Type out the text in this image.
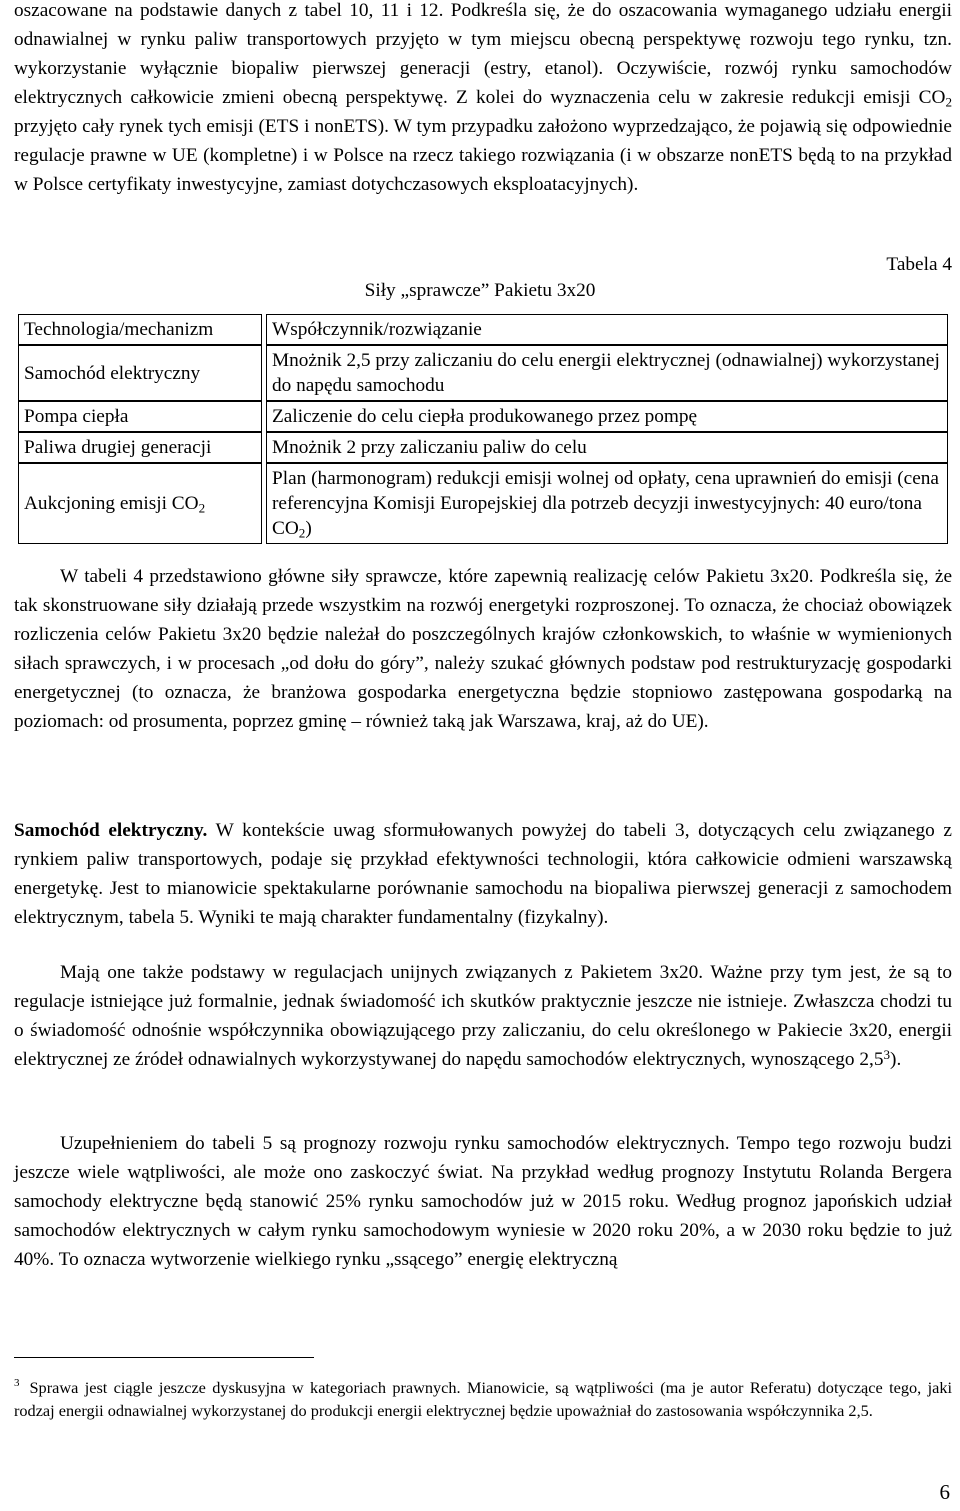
oszacowane na podstawie danych z tabel 10, 11 i 12. Podkreśla się, że do oszacowania wymaganego udziału energii odnawialnej w rynku paliw transportowych przyjęto w tym miejscu obecną perspektywę rozwoju tego rynku, tzn. wykorzystanie wyłącznie biopaliw pierwszej generacji (estry, etanol). Oczywiście, rozwój rynku samochodów elektrycznych całkowicie zmieni obecną perspektywę. Z kolei do wyznaczenia celu w zakresie redukcji emisji $CO_2$ przyjęto cały rynek tych emisji (ETS i nonETS). W tym przypadku założono wyprzedzająco, że pojawią się odpowiednie regulacje prawne w UE (kompletne) i w Polsce na rzecz takiego rozwiązania (i w obszarze nonETS będą to na przykład w Polsce certyfikaty inwestycyjne, zamiast dotychczasowych eksploatacyjnych).

Tabela 4

Siły „sprawcze” Pakietu 3x20

Technologia/mechanizm	Współczynnik/rozwiązanie
Samochód elektryczny	Mnożnik 2,5 przy zaliczaniu do celu energii elektrycznej (odnawialnej) wykorzystanej do napędu samochodu
Pompa ciepła	Zaliczenie do celu ciepła produkowanego przez pompę
Paliwa drugiej generacji	Mnożnik 2 przy zaliczaniu paliw do celu
Aukcjoning emisji $CO_2$	Plan (harmonogram) redukcji emisji wolnej od opłaty, cena uprawnień do emisji (cena referencyjna Komisji Europejskiej dla potrzeb decyzji inwestycyjnych: 40 euro/tona $CO_2$)

W tabeli 4 przedstawiono główne siły sprawcze, które zapewnią realizację celów Pakietu 3x20. Podkreśla się, że tak skonstruowane siły działają przede wszystkim na rozwój energetyki rozproszonej. To oznacza, że chociaż obowiązek rozliczenia celów Pakietu 3x20 będzie należał do poszczególnych krajów członkowskich, to właśnie w wymienionych siłach sprawczych, i w procesach „od dołu do góry”, należy szukać głównych podstaw pod restrukturyzację gospodarki energetycznej (to oznacza, że branżowa gospodarka energetyczna będzie stopniowo zastępowana gospodarką na poziomach: od prosumenta, poprzez gminę – również taką jak Warszawa, kraj, aż do UE).

Samochód elektryczny. W kontekście uwag sformułowanych powyżej do tabeli 3, dotyczących celu związanego z rynkiem paliw transportowych, podaje się przykład efektywności technologii, która całkowicie odmieni warszawską energetykę. Jest to mianowicie spektakularne porównanie samochodu na biopaliwa pierwszej generacji z samochodem elektrycznym, tabela 5. Wyniki te mają charakter fundamentalny (fizykalny).

Mają one także podstawy w regulacjach unijnych związanych z Pakietem 3x20. Ważne przy tym jest, że są to regulacje istniejące już formalnie, jednak świadomość ich skutków praktycznie jeszcze nie istnieje. Zwłaszcza chodzi tu o świadomość odnośnie współczynnika obowiązującego przy zaliczaniu, do celu określonego w Pakiecie 3x20, energii elektrycznej ze źródeł odnawialnych wykorzystywanej do napędu samochodów elektrycznych, wynoszącego $2,5^3$).

Uzupełnieniem do tabeli 5 są prognozy rozwoju rynku samochodów elektrycznych. Tempo tego rozwoju budzi jeszcze wiele wątpliwości, ale może ono zaskoczyć świat. Na przykład według prognozy Instytutu Rolanda Bergera samochody elektryczne będą stanowić 25% rynku samochodów już w 2015 roku. Według prognoz japońskich udział samochodów elektrycznych w całym rynku samochodowym wyniesie w 2020 roku 20%, a w 2030 roku będzie to już 40%. To oznacza wytworzenie wielkiego rynku „ssącego” energię elektryczną

$^3$ Sprawa jest ciągle jeszcze dyskusyjna w kategoriach prawnych. Mianowicie, są wątpliwości (ma je autor Referatu) dotyczące tego, jaki rodzaj energii odnawialnej wykorzystanej do produkcji energii elektrycznej będzie upoważniał do zastosowania współczynnika 2,5.

6
